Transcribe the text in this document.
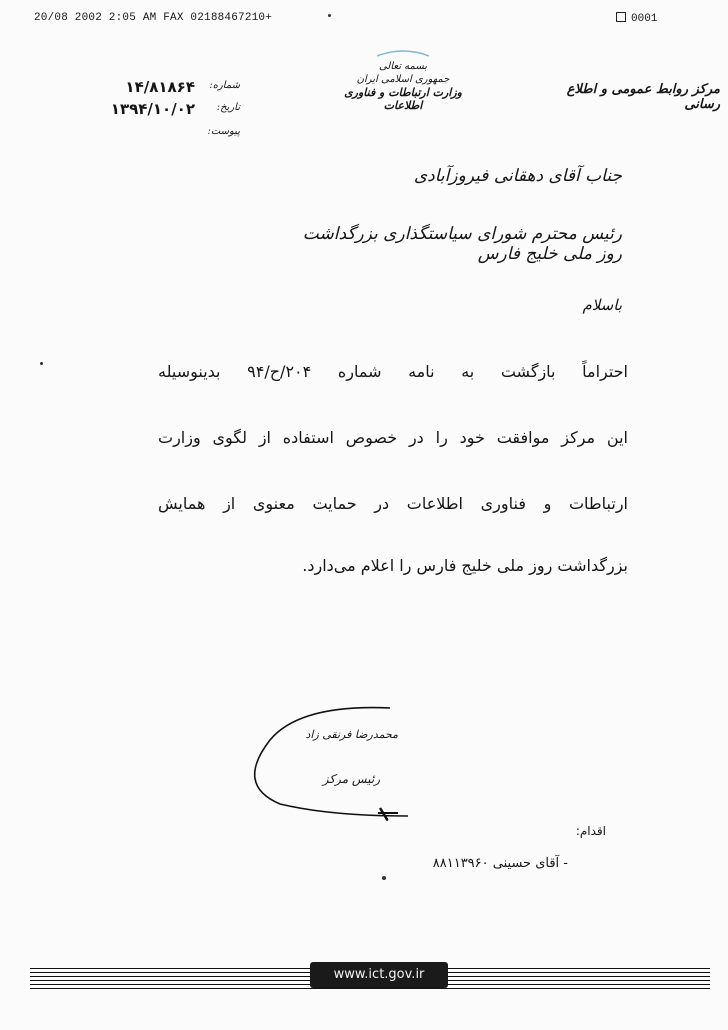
20/08 2002 2:05 AM FAX 02188467210+	0001
بسمه تعالی
جمهوری اسلامی ایران
وزارت ارتباطات و فناوری اطلاعات
مرکز روابط عمومی و اطلاع رسانی
شماره:
۱۴/۸۱۸۶۴
تاریخ:
۱۳۹۴/۱۰/۰۲
پیوست:
جناب آقای دهقانی فیروزآبادی
رئیس محترم شورای سیاستگذاری بزرگداشت روز ملی خلیج فارس
باسلام
احتراماً بازگشت به نامه شماره ۲۰۴/ح/۹۴ بدینوسیله
این مرکز موافقت خود را در خصوص استفاده از لگوی وزارت
ارتباطات و فناوری اطلاعات در حمایت معنوی از همایش
بزرگداشت روز ملی خلیج فارس را اعلام می‌دارد.
محمدرضا فرنقی زاد
رئیس مرکز
اقدام:
- آقای حسینی ۸۸۱۱۳۹۶۰
www.ict.gov.ir
